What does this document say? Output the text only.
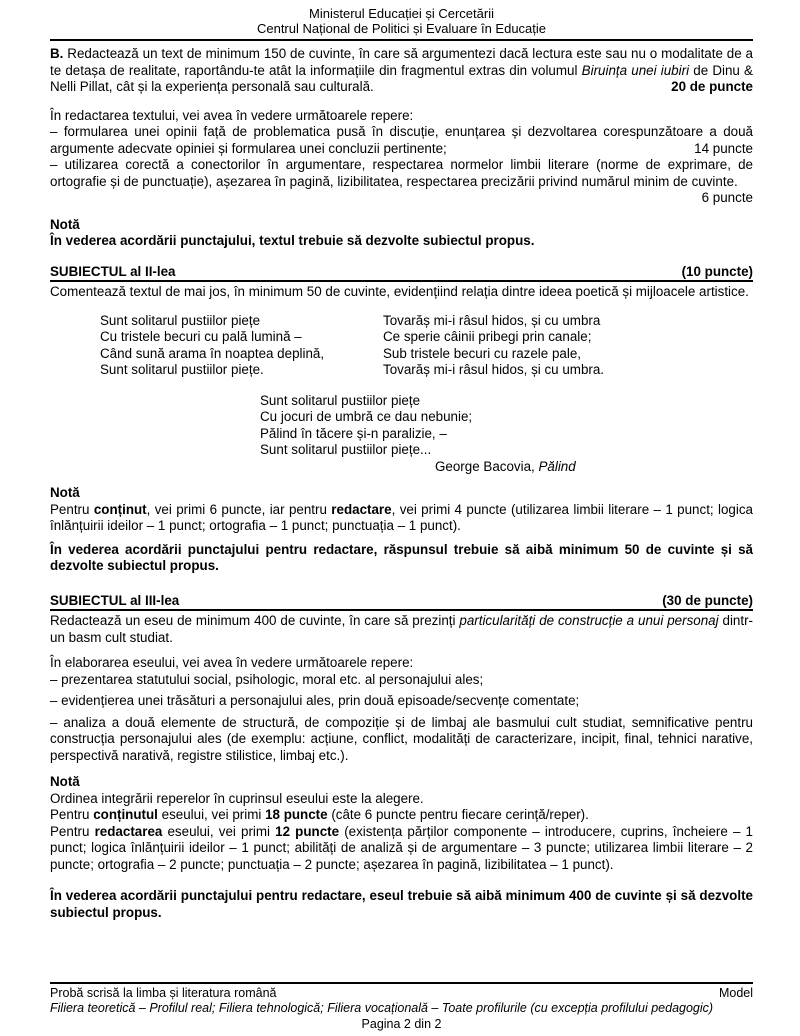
Ministerul Educației și Cercetării
Centrul Național de Politici și Evaluare în Educație
B. Redactează un text de minimum 150 de cuvinte, în care să argumentezi dacă lectura este sau nu o modalitate de a te detașa de realitate, raportându-te atât la informațiile din fragmentul extras din volumul Biruința unei iubiri de Dinu & Nelli Pillat, cât și la experiența personală sau culturală.	20 de puncte
În redactarea textului, vei avea în vedere următoarele repere:
– formularea unei opinii față de problematica pusă în discuție, enunțarea și dezvoltarea corespunzătoare a două argumente adecvate opiniei și formularea unei concluzii pertinente;	14 puncte
– utilizarea corectă a conectorilor în argumentare, respectarea normelor limbii literare (norme de exprimare, de ortografie și de punctuație), așezarea în pagină, lizibilitatea, respectarea precizării privind numărul minim de cuvinte.
6 puncte
Notă
În vederea acordării punctajului, textul trebuie să dezvolte subiectul propus.
SUBIECTUL al II-lea	(10 puncte)
Comentează textul de mai jos, în minimum 50 de cuvinte, evidențiind relația dintre ideea poetică și mijloacele artistice.
Sunt solitarul pustiilor piețe
Cu tristele becuri cu pală lumină –
Când sună arama în noaptea deplină,
Sunt solitarul pustiilor piețe.
Tovarăș mi-i râsul hidos, și cu umbra
Ce sperie câinii pribegi prin canale;
Sub tristele becuri cu razele pale,
Tovarăș mi-i râsul hidos, și cu umbra.
Sunt solitarul pustiilor piețe
Cu jocuri de umbră ce dau nebunie;
Pălind în tăcere și-n paralizie, –
Sunt solitarul pustiilor piețe...
George Bacovia, Pălind
Notă
Pentru conținut, vei primi 6 puncte, iar pentru redactare, vei primi 4 puncte (utilizarea limbii literare – 1 punct; logica înlănțuirii ideilor – 1 punct; ortografia – 1 punct; punctuația – 1 punct).
În vederea acordării punctajului pentru redactare, răspunsul trebuie să aibă minimum 50 de cuvinte și să dezvolte subiectul propus.
SUBIECTUL al III-lea	(30 de puncte)
Redactează un eseu de minimum 400 de cuvinte, în care să prezinți particularități de construcție a unui personaj dintr-un basm cult studiat.
În elaborarea eseului, vei avea în vedere următoarele repere:
– prezentarea statutului social, psihologic, moral etc. al personajului ales;
– evidențierea unei trăsături a personajului ales, prin două episoade/secvențe comentate;
– analiza a două elemente de structură, de compoziție și de limbaj ale basmului cult studiat, semnificative pentru construcția personajului ales (de exemplu: acțiune, conflict, modalități de caracterizare, incipit, final, tehnici narative, perspectivă narativă, registre stilistice, limbaj etc.).
Notă
Ordinea integrării reperelor în cuprinsul eseului este la alegere.
Pentru conținutul eseului, vei primi 18 puncte (câte 6 puncte pentru fiecare cerință/reper).
Pentru redactarea eseului, vei primi 12 puncte (existența părților componente – introducere, cuprins, încheiere – 1 punct; logica înlănțuirii ideilor – 1 punct; abilități de analiză și de argumentare – 3 puncte; utilizarea limbii literare – 2 puncte; ortografia – 2 puncte; punctuația – 2 puncte; așezarea în pagină, lizibilitatea – 1 punct).
În vederea acordării punctajului pentru redactare, eseul trebuie să aibă minimum 400 de cuvinte și să dezvolte subiectul propus.
Probă scrisă la limba și literatura română	Model
Filiera teoretică – Profilul real; Filiera tehnologică; Filiera vocațională – Toate profilurile (cu excepția profilului pedagogic)
Pagina 2 din 2
